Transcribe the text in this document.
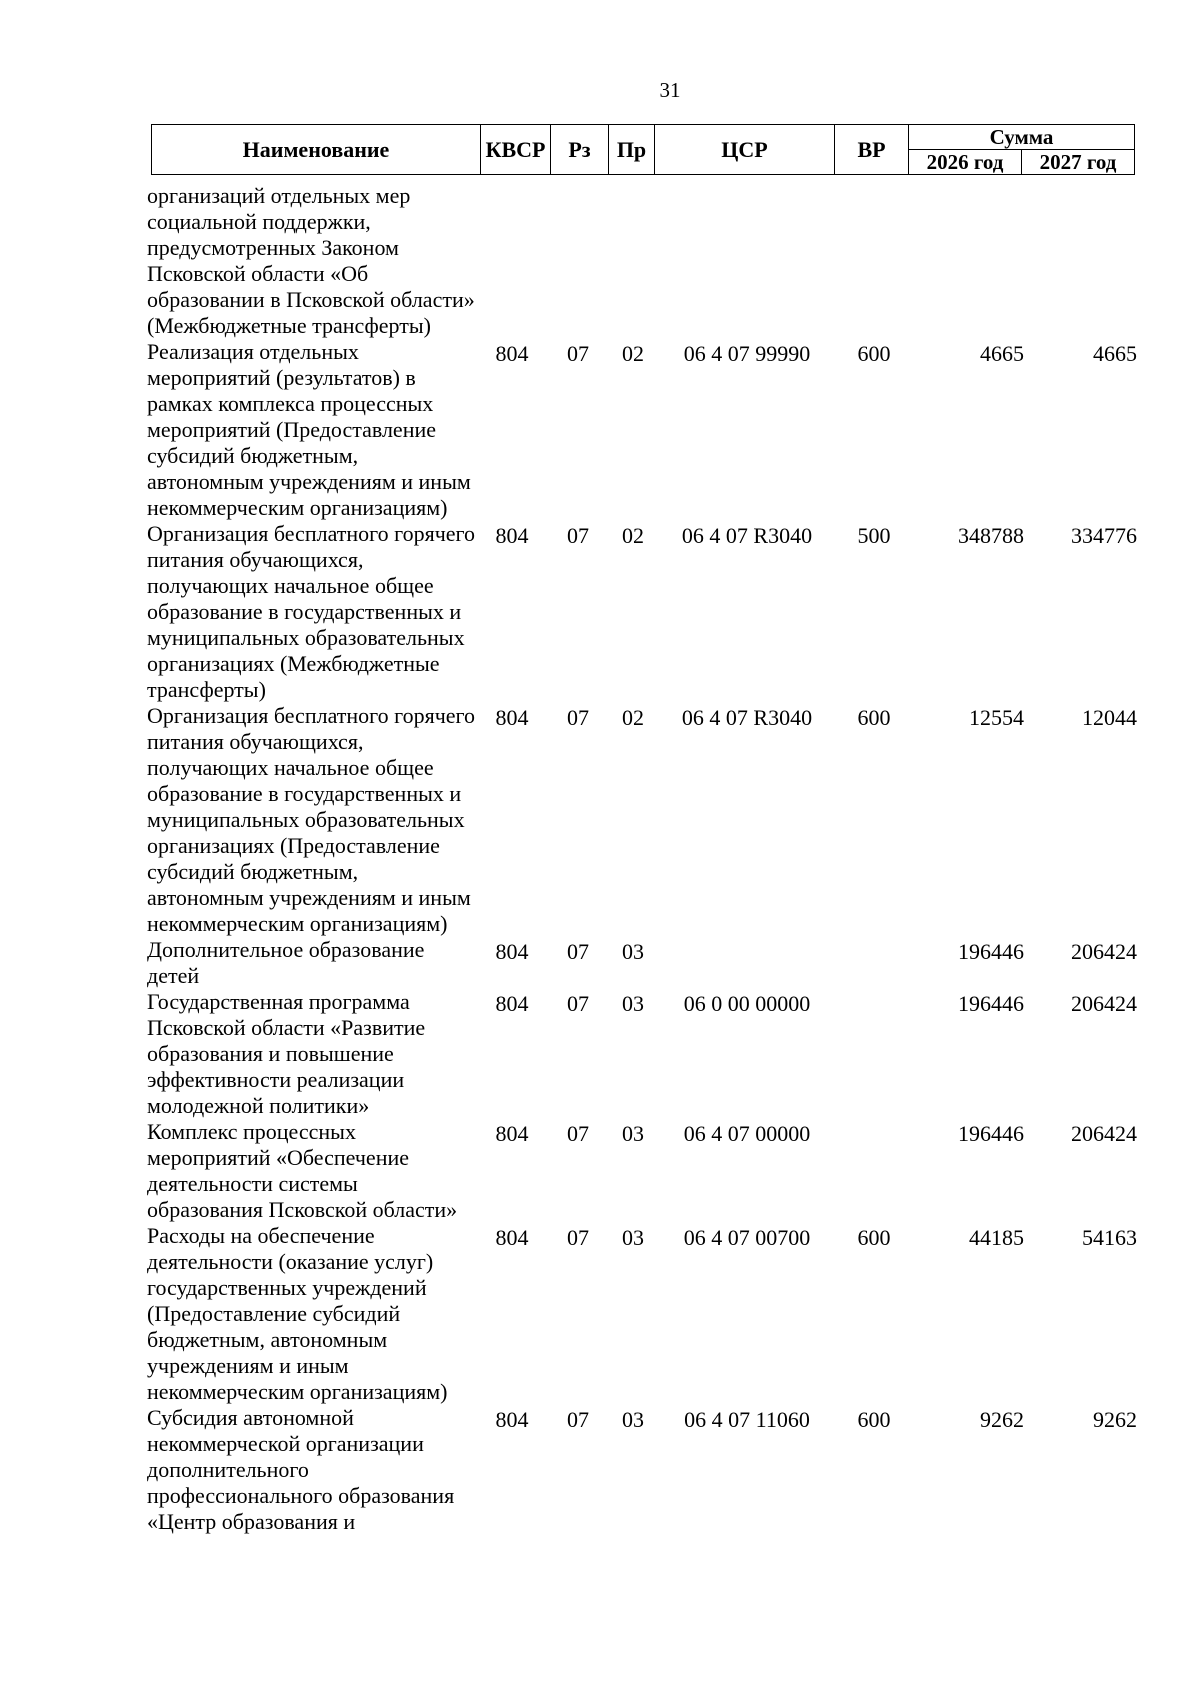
31
Наименование	КВСР	Рз	Пр	ЦСР	ВР	Сумма	
						2026 год	2027 год
организаций отдельных мер социальной поддержки, предусмотренных Законом Псковской области «Об образовании в Псковской области» (Межбюджетные трансферты)							
Реализация отдельных мероприятий (результатов) в рамках комплекса процессных мероприятий (Предоставление субсидий бюджетным, автономным учреждениям и иным некоммерческим организациям)	804	07	02	06 4 07 99990	600	4665	4665
Организация бесплатного горячего питания обучающихся, получающих начальное общее образование в государственных и муниципальных образовательных организациях (Межбюджетные трансферты)	804	07	02	06 4 07 R3040	500	348788	334776
Организация бесплатного горячего питания обучающихся, получающих начальное общее образование в государственных и муниципальных образовательных организациях (Предоставление субсидий бюджетным, автономным учреждениям и иным некоммерческим организациям)	804	07	02	06 4 07 R3040	600	12554	12044
Дополнительное образование детей	804	07	03			196446	206424
Государственная программа Псковской области «Развитие образования и повышение эффективности реализации молодежной политики»	804	07	03	06 0 00 00000		196446	206424
Комплекс процессных мероприятий «Обеспечение деятельности системы образования Псковской области»	804	07	03	06 4 07 00000		196446	206424
Расходы на обеспечение деятельности (оказание услуг) государственных учреждений (Предоставление субсидий бюджетным, автономным учреждениям и иным некоммерческим организациям)	804	07	03	06 4 07 00700	600	44185	54163
Субсидия автономной некоммерческой организации дополнительного профессионального образования «Центр образования и	804	07	03	06 4 07 11060	600	9262	9262
